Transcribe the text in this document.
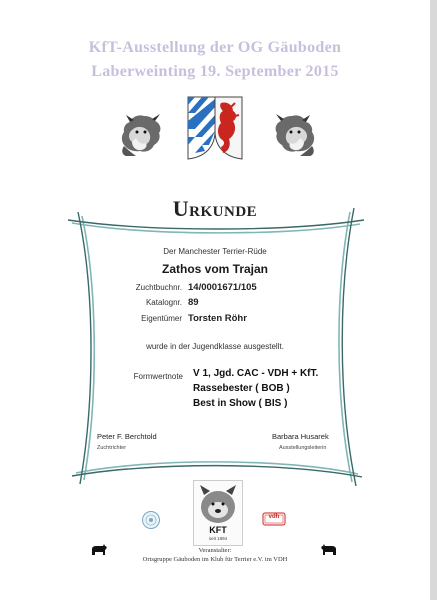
KfT-Ausstellung der OG Gäuboden
Laberweinting 19. September 2015
Urkunde
Der Manchester Terrier-Rüde
Zathos vom Trajan
Zuchtbuchnr. 14/0001671/105
Katalognr. 89
Eigentümer Torsten Röhr
wurde in der Jugendklasse ausgestellt.
Formwertnote V 1, Jgd. CAC - VDH + KfT.
Rassebester ( BOB )
Best in Show ( BIS )
Peter F. Berchtold
Zuchtrichter
Barbara Husarek
Ausstellungsleiterin
KFT
seit 1894
vdh
Veranstalter:
Ortsgruppe Gäuboden im Klub für Terrier e.V. im VDH
